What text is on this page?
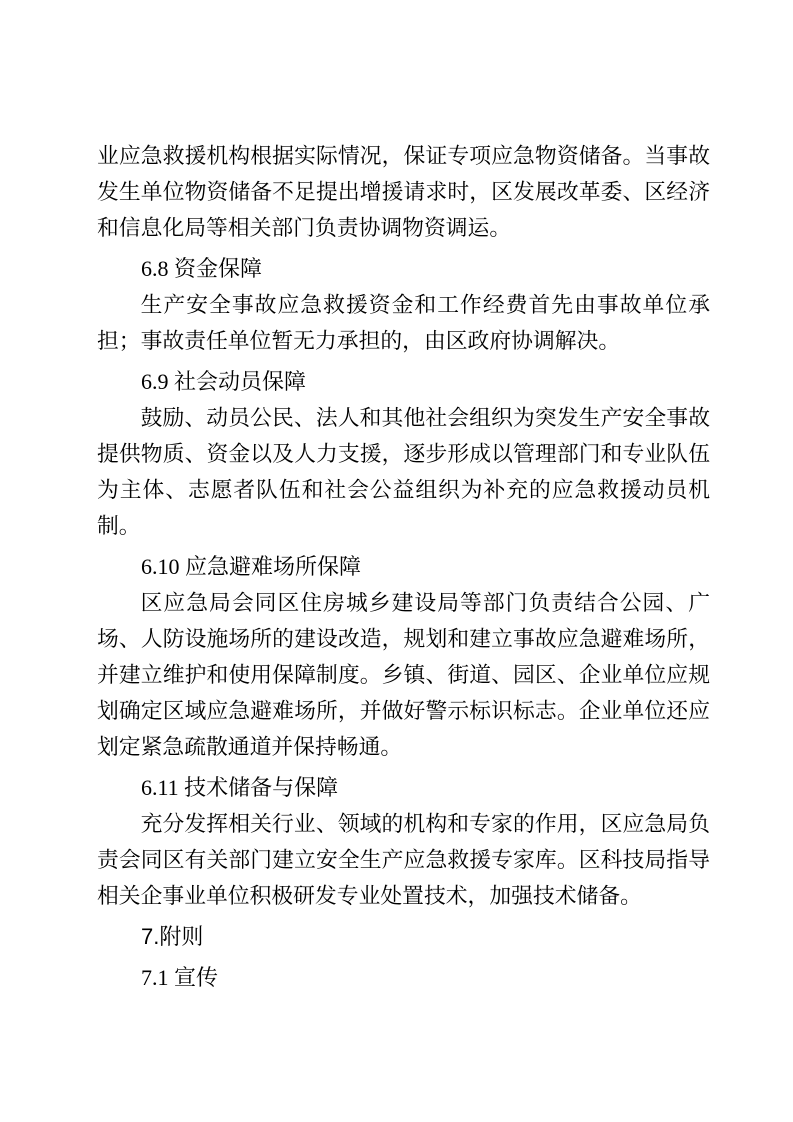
业应急救援机构根据实际情况，保证专项应急物资储备。当事故发生单位物资储备不足提出增援请求时，区发展改革委、区经济和信息化局等相关部门负责协调物资调运。

6.8 资金保障

生产安全事故应急救援资金和工作经费首先由事故单位承担；事故责任单位暂无力承担的，由区政府协调解决。

6.9 社会动员保障

鼓励、动员公民、法人和其他社会组织为突发生产安全事故提供物质、资金以及人力支援，逐步形成以管理部门和专业队伍为主体、志愿者队伍和社会公益组织为补充的应急救援动员机制。

6.10 应急避难场所保障

区应急局会同区住房城乡建设局等部门负责结合公园、广场、人防设施场所的建设改造，规划和建立事故应急避难场所，并建立维护和使用保障制度。乡镇、街道、园区、企业单位应规划确定区域应急避难场所，并做好警示标识标志。企业单位还应划定紧急疏散通道并保持畅通。

6.11 技术储备与保障

充分发挥相关行业、领域的机构和专家的作用，区应急局负责会同区有关部门建立安全生产应急救援专家库。区科技局指导相关企事业单位积极研发专业处置技术，加强技术储备。

7.附则

7.1 宣传
